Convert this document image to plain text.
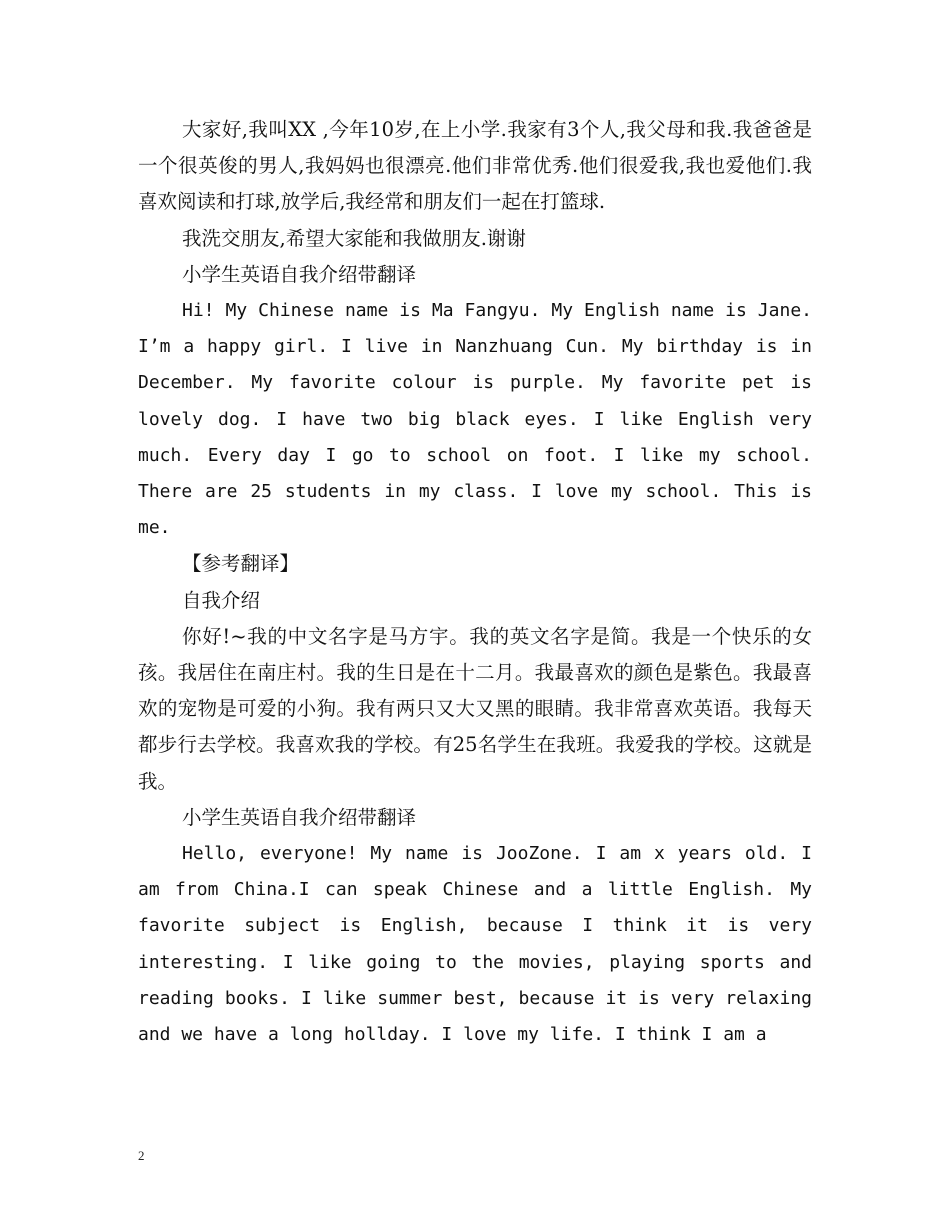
大家好,我叫XX ,今年10岁,在上小学.我家有3个人,我父母和我.我爸爸是一个很英俊的男人,我妈妈也很漂亮.他们非常优秀.他们很爱我,我也爱他们.我喜欢阅读和打球,放学后,我经常和朋友们一起在打篮球.

我洗交朋友,希望大家能和我做朋友.谢谢

小学生英语自我介绍带翻译

Hi! My Chinese name is Ma Fangyu. My English name is Jane. I’m a happy girl. I live in Nanzhuang Cun. My birthday is in December. My favorite colour is purple. My favorite pet is lovely dog. I have two big black eyes. I like English very much. Every day I go to school on foot. I like my school. There are 25 students in my class. I love my school. This is me.

【参考翻译】

自我介绍

你好!~我的中文名字是马方宇。我的英文名字是简。我是一个快乐的女孩。我居住在南庄村。我的生日是在十二月。我最喜欢的颜色是紫色。我最喜欢的宠物是可爱的小狗。我有两只又大又黑的眼睛。我非常喜欢英语。我每天都步行去学校。我喜欢我的学校。有25名学生在我班。我爱我的学校。这就是我。

小学生英语自我介绍带翻译

Hello, everyone! My name is JooZone. I am x years old. I am from China.I can speak Chinese and a little English. My favorite subject is English, because I think it is very interesting. I like going to the movies, playing sports and reading books. I like summer best, because it is very relaxing and we have a long hollday. I love my life. I think I am a

2
